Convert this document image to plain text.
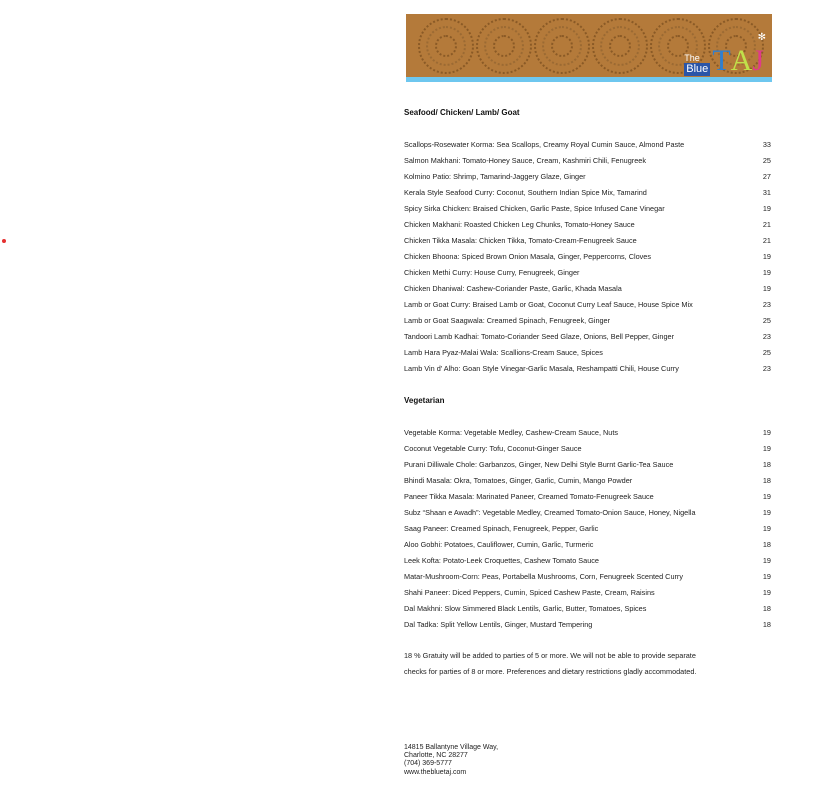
The
Blue T A J
✻
Seafood/ Chicken/ Lamb/ Goat
Scallops-Rosewater Korma: Sea Scallops, Creamy Royal Cumin Sauce, Almond Paste	33
Salmon Makhani: Tomato-Honey Sauce, Cream, Kashmiri Chili, Fenugreek	25
Kolmino Patio: Shrimp, Tamarind-Jaggery Glaze, Ginger	27
Kerala Style Seafood Curry: Coconut, Southern Indian Spice Mix, Tamarind	31
Spicy Sirka Chicken: Braised Chicken, Garlic Paste, Spice Infused Cane Vinegar	19
Chicken Makhani: Roasted Chicken Leg Chunks, Tomato-Honey Sauce	21
Chicken Tikka Masala: Chicken Tikka, Tomato-Cream-Fenugreek Sauce	21
Chicken Bhoona: Spiced Brown Onion Masala, Ginger, Peppercorns, Cloves	19
Chicken Methi Curry: House Curry, Fenugreek, Ginger	19
Chicken Dhaniwal: Cashew-Coriander Paste, Garlic, Khada Masala	19
Lamb or Goat Curry: Braised Lamb or Goat, Coconut Curry Leaf Sauce, House Spice Mix	23
Lamb or Goat Saagwala: Creamed Spinach, Fenugreek, Ginger	25
Tandoori Lamb Kadhai: Tomato-Coriander Seed Glaze, Onions, Bell Pepper, Ginger	23
Lamb Hara Pyaz-Malai Wala: Scallions-Cream Sauce, Spices	25
Lamb Vin d' Alho: Goan Style Vinegar-Garlic Masala, Reshampatti Chili, House Curry	23
Vegetarian
Vegetable Korma: Vegetable Medley, Cashew-Cream Sauce, Nuts	19
Coconut Vegetable Curry: Tofu, Coconut-Ginger Sauce	19
Purani Dilliwale Chole: Garbanzos, Ginger, New Delhi Style Burnt Garlic-Tea Sauce	18
Bhindi Masala: Okra, Tomatoes, Ginger, Garlic, Cumin, Mango Powder	18
Paneer Tikka Masala: Marinated Paneer, Creamed Tomato-Fenugreek Sauce	19
Subz “Shaan e Awadh”: Vegetable Medley, Creamed Tomato-Onion Sauce, Honey, Nigella	19
Saag Paneer: Creamed Spinach, Fenugreek, Pepper, Garlic	19
Aloo Gobhi: Potatoes, Cauliflower, Cumin, Garlic, Turmeric	18
Leek Kofta: Potato-Leek Croquettes, Cashew Tomato Sauce	19
Matar-Mushroom-Corn: Peas, Portabella Mushrooms, Corn, Fenugreek Scented Curry	19
Shahi Paneer: Diced Peppers, Cumin, Spiced Cashew Paste, Cream, Raisins	19
Dal Makhni: Slow Simmered Black Lentils, Garlic, Butter, Tomatoes, Spices	18
Dal Tadka: Split Yellow Lentils, Ginger, Mustard Tempering	18
18 % Gratuity will be added to parties of 5 or more. We will not be able to provide separate
checks for parties of 8 or more. Preferences and dietary restrictions gladly accommodated.
14815 Ballantyne Village Way,
Charlotte, NC 28277
(704) 369-5777
www.thebluetaj.com
